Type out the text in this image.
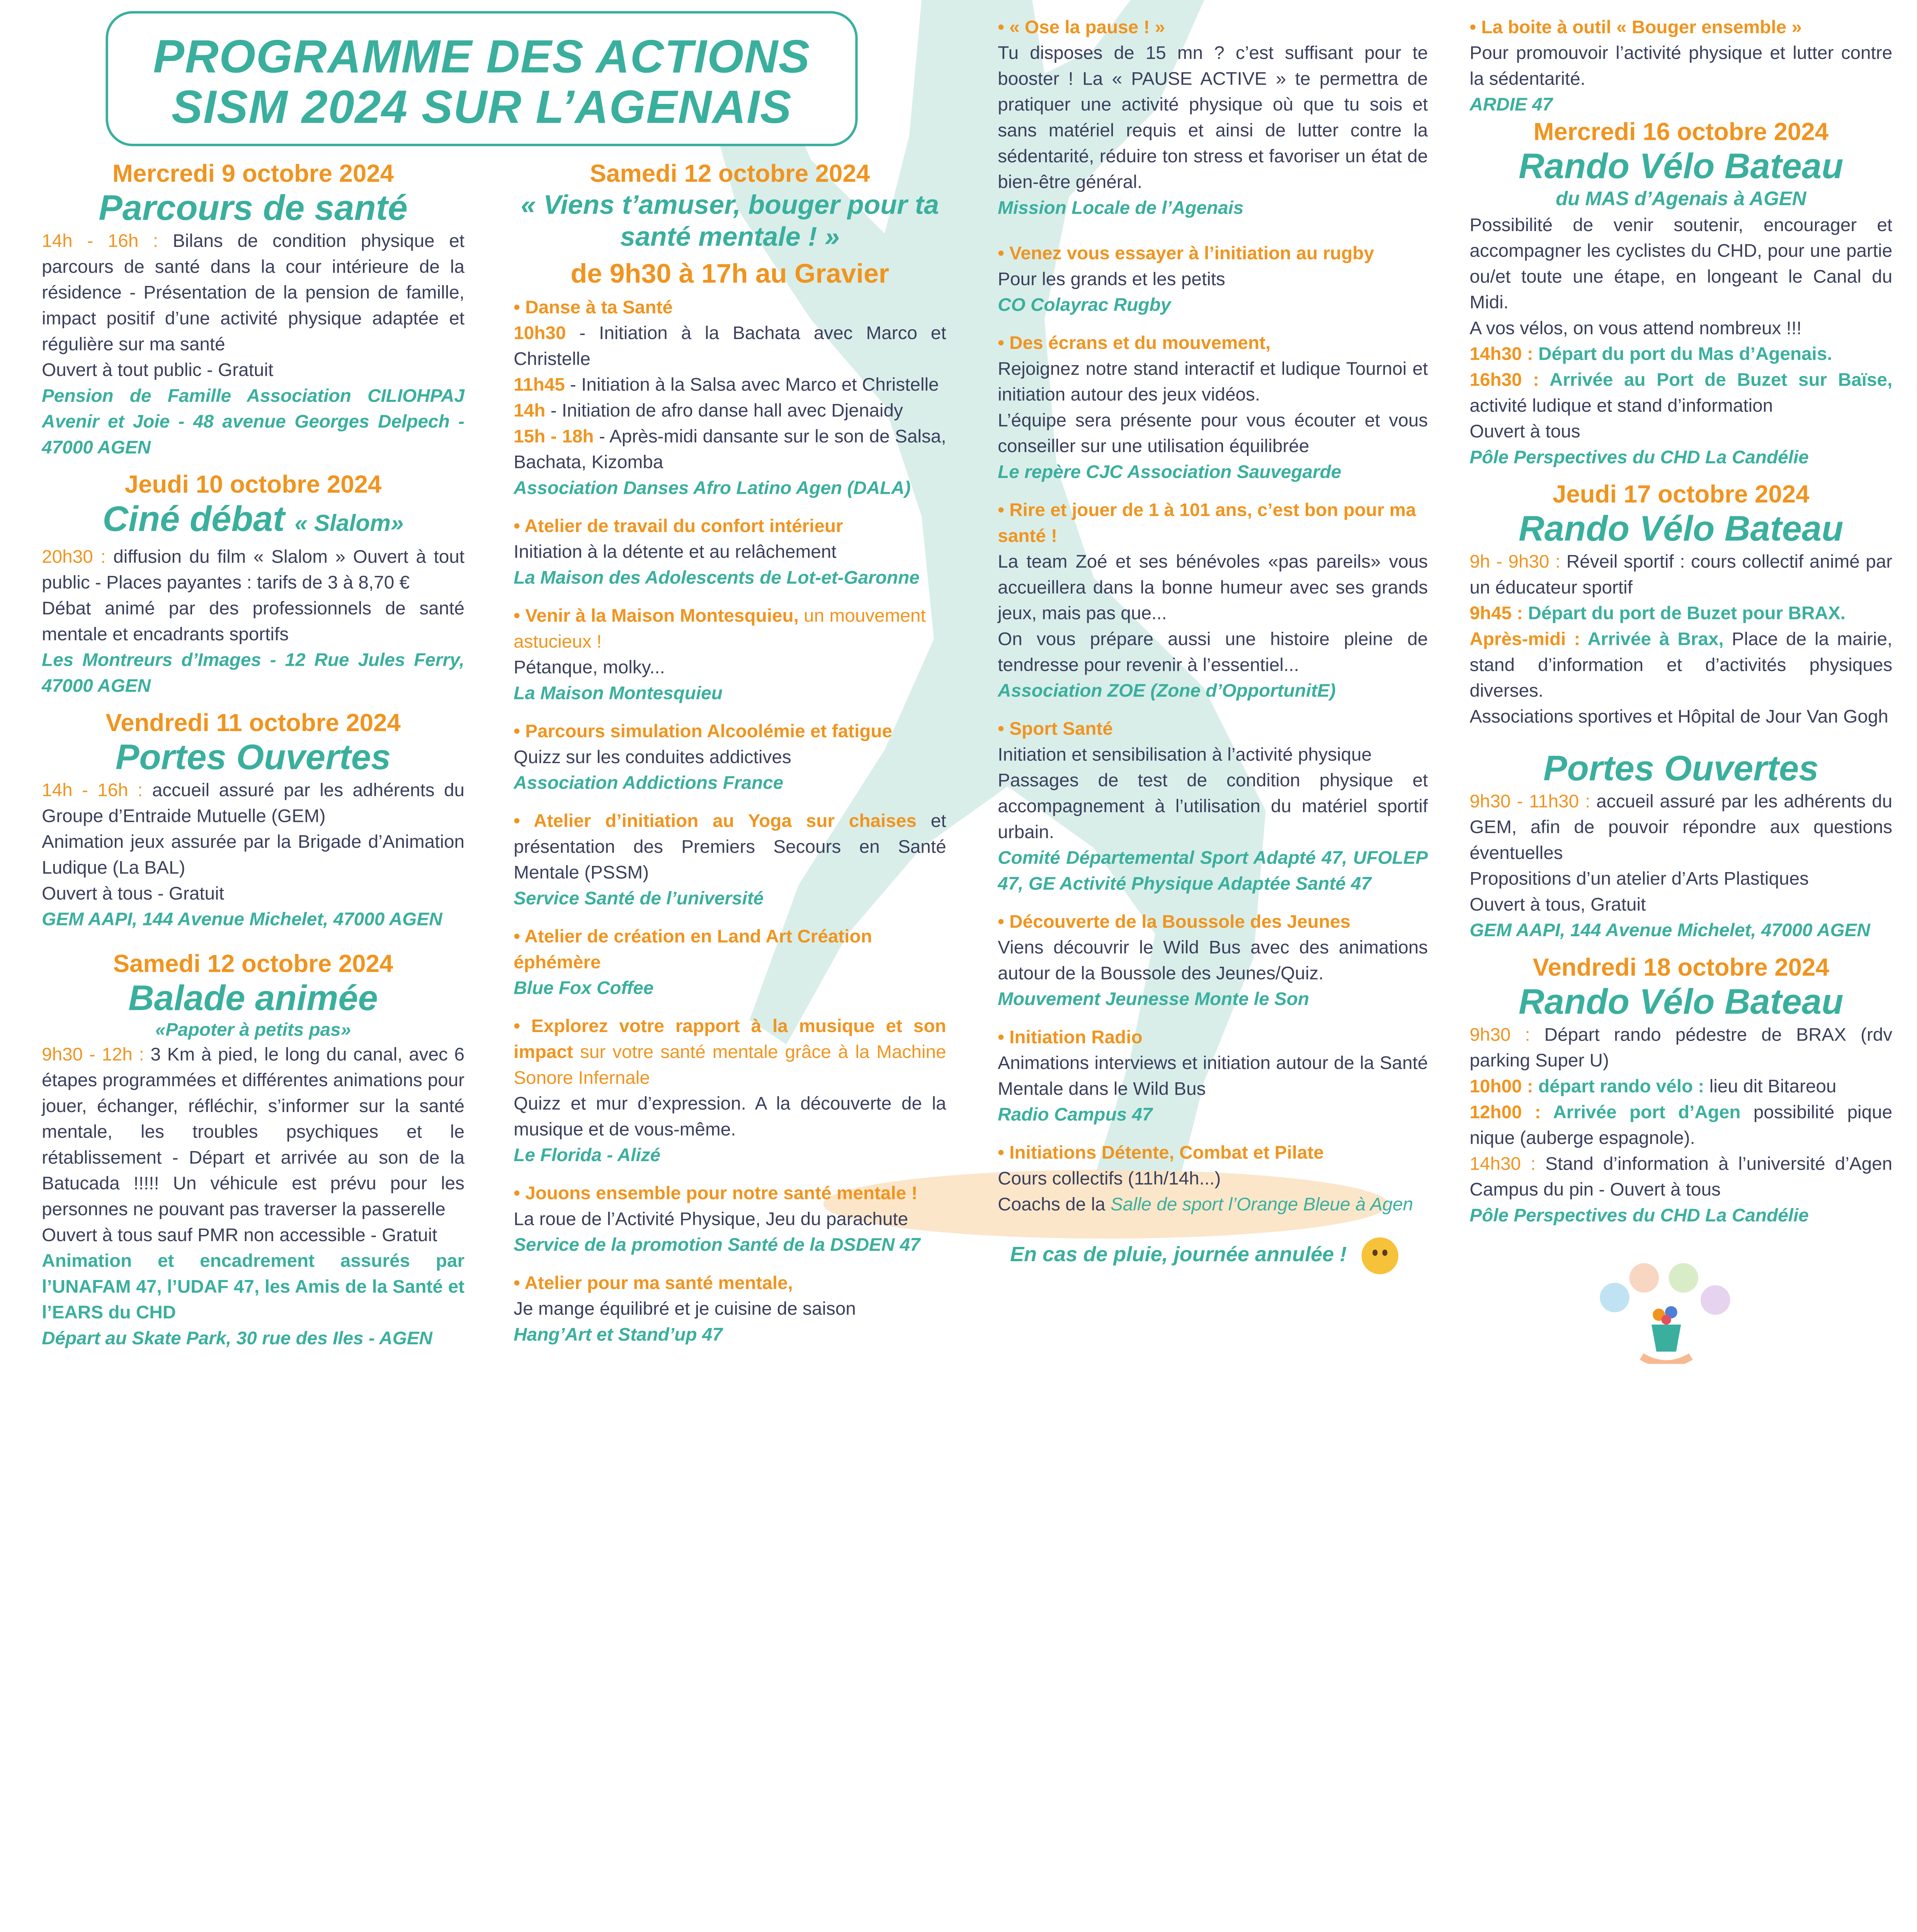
PROGRAMME DES ACTIONS
SISM 2024 SUR L’AGENAIS
Mercredi 9 octobre 2024
Parcours de santé

14h - 16h : Bilans de condition physique et parcours de santé dans la cour intérieure de la résidence - Présentation de la pension de famille, impact positif d’une activité physique adaptée et régulière sur ma santé

Ouvert à tout public - Gratuit

Pension de Famille Association CILIOHPAJ Avenir et Joie - 48 avenue Georges Delpech - 47000 AGEN

Jeudi 10 octobre 2024
Ciné débat « Slalom»

20h30 : diffusion du film « Slalom » Ouvert à tout public - Places payantes : tarifs de 3 à 8,70 €

Débat animé par des professionnels de santé mentale et encadrants sportifs

Les Montreurs d’Images - 12 Rue Jules Ferry, 47000 AGEN

Vendredi 11 octobre 2024
Portes Ouvertes

14h - 16h : accueil assuré par les adhérents du Groupe d’Entraide Mutuelle (GEM)

Animation jeux assurée par la Brigade d’Animation Ludique (La BAL)

Ouvert à tous - Gratuit

GEM AAPI, 144 Avenue Michelet, 47000 AGEN

Samedi 12 octobre 2024
Balade animée
«Papoter à petits pas»

9h30 - 12h : 3 Km à pied, le long du canal, avec 6 étapes programmées et différentes animations pour jouer, échanger, réfléchir, s’informer sur la santé mentale, les troubles psychiques et le rétablissement - Départ et arrivée au son de la Batucada !!!!! Un véhicule est prévu pour les personnes ne pouvant pas traverser la passerelle

Ouvert à tous sauf PMR non accessible - Gratuit

Animation et encadrement assurés par l’UNAFAM 47, l’UDAF 47, les Amis de la Santé et l’EARS du CHD

Départ au Skate Park, 30 rue des Iles - AGEN

Samedi 12 octobre 2024
« Viens t’amuser, bouger pour ta santé mentale ! »
de 9h30 à 17h au Gravier
• Danse à ta Santé

10h30 - Initiation à la Bachata avec Marco et Christelle

11h45 - Initiation à la Salsa avec Marco et Christelle

14h - Initiation de afro danse hall avec Djenaidy

15h - 18h - Après-midi dansante sur le son de Salsa, Bachata, Kizomba

Association Danses Afro Latino Agen (DALA)

• Atelier de travail du confort intérieur

Initiation à la détente et au relâchement

La Maison des Adolescents de Lot-et-Garonne

• Venir à la Maison Montesquieu, un mouvement astucieux !

Pétanque, molky...

La Maison Montesquieu

• Parcours simulation Alcoolémie et fatigue

Quizz sur les conduites addictives

Association Addictions France

• Atelier d’initiation au Yoga sur chaises et présentation des Premiers Secours en Santé Mentale (PSSM)

Service Santé de l’université

• Atelier de création en Land Art Création éphémère

Blue Fox Coffee

• Explorez votre rapport à la musique et son impact sur votre santé mentale grâce à la Machine Sonore Infernale

Quizz et mur d’expression. A la découverte de la musique et de vous-même.

Le Florida - Alizé

• Jouons ensemble pour notre santé mentale !

La roue de l’Activité Physique, Jeu du parachute

Service de la promotion Santé de la DSDEN 47

• Atelier pour ma santé mentale,

Je mange équilibré et je cuisine de saison

Hang’Art et Stand’up 47

• « Ose la pause ! »

Tu disposes de 15 mn ? c’est suffisant pour te booster ! La « PAUSE ACTIVE » te permettra de pratiquer une activité physique où que tu sois et sans matériel requis et ainsi de lutter contre la sédentarité, réduire ton stress et favoriser un état de bien-être général.

Mission Locale de l’Agenais

• Venez vous essayer à l’initiation au rugby

Pour les grands et les petits

CO Colayrac Rugby

• Des écrans et du mouvement,

Rejoignez notre stand interactif et ludique Tournoi et initiation autour des jeux vidéos.

L’équipe sera présente pour vous écouter et vous conseiller sur une utilisation équilibrée

Le repère CJC Association Sauvegarde

• Rire et jouer de 1 à 101 ans, c’est bon pour ma santé !

La team Zoé et ses bénévoles «pas pareils» vous accueillera dans la bonne humeur avec ses grands jeux, mais pas que...

On vous prépare aussi une histoire pleine de tendresse pour revenir à l’essentiel...

Association ZOE (Zone d’OpportunitE)

• Sport Santé

Initiation et sensibilisation à l’activité physique

Passages de test de condition physique et accompagnement à l’utilisation du matériel sportif urbain.

Comité Départemental Sport Adapté 47, UFOLEP 47, GE Activité Physique Adaptée Santé 47

• Découverte de la Boussole des Jeunes

Viens découvrir le Wild Bus avec des animations autour de la Boussole des Jeunes/Quiz.

Mouvement Jeunesse Monte le Son

• Initiation Radio

Animations interviews et initiation autour de la Santé Mentale dans le Wild Bus

Radio Campus 47

• Initiations Détente, Combat et Pilate

Cours collectifs (11h/14h...)

Coachs de la Salle de sport l’Orange Bleue à Agen

En cas de pluie, journée annulée !
• La boite à outil « Bouger ensemble »

Pour promouvoir l’activité physique et lutter contre la sédentarité.

ARDIE 47

Mercredi 16 octobre 2024
Rando Vélo Bateau
du MAS d’Agenais à AGEN

Possibilité de venir soutenir, encourager et accompagner les cyclistes du CHD, pour une partie ou/et toute une étape, en longeant le Canal du Midi.

A vos vélos, on vous attend nombreux !!!

14h30 : Départ du port du Mas d’Agenais.

16h30 : Arrivée au Port de Buzet sur Baïse, activité ludique et stand d’information

Ouvert à tous

Pôle Perspectives du CHD La Candélie

Jeudi 17 octobre 2024
Rando Vélo Bateau

9h - 9h30 : Réveil sportif : cours collectif animé par un éducateur sportif

9h45 : Départ du port de Buzet pour BRAX.

Après-midi : Arrivée à Brax, Place de la mairie, stand d’information et d’activités physiques diverses.

Associations sportives et Hôpital de Jour Van Gogh

Portes Ouvertes

9h30 - 11h30 : accueil assuré par les adhérents du GEM, afin de pouvoir répondre aux questions éventuelles

Propositions d’un atelier d’Arts Plastiques

Ouvert à tous, Gratuit

GEM AAPI, 144 Avenue Michelet, 47000 AGEN

Vendredi 18 octobre 2024
Rando Vélo Bateau

9h30 : Départ rando pédestre de BRAX (rdv parking Super U)

10h00 : départ rando vélo : lieu dit Bitareou

12h00 : Arrivée port d’Agen possibilité pique nique (auberge espagnole).

14h30 : Stand d’information à l’université d’Agen Campus du pin - Ouvert à tous

Pôle Perspectives du CHD La Candélie
